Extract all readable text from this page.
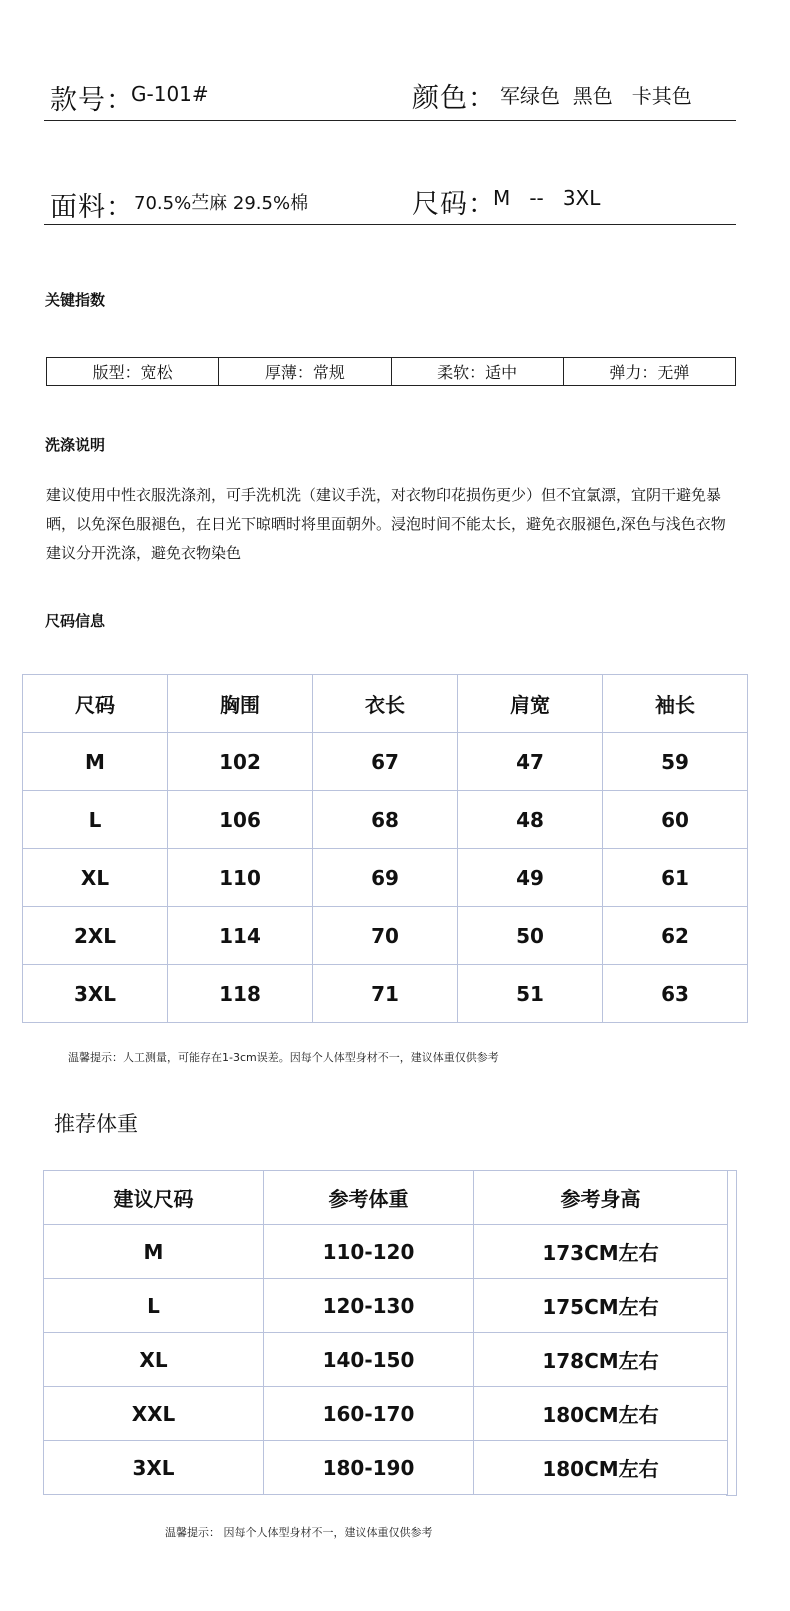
款号：
G-101#	颜色： 军绿色  黑色   卡其色
面料： 70.5%苎麻 29.5%棉	尺码：
M   --   3XL
关键指数
版型：宽松	厚薄：常规	柔软：适中	弹力：无弹
洗涤说明
建议使用中性衣服洗涤剂，可手洗机洗（建议手洗，对衣物印花损伤更少）但不宜氯漂，宜阴干避免暴晒，以免深色服褪色，在日光下晾晒时将里面朝外。浸泡时间不能太长，避免衣服褪色,深色与浅色衣物建议分开洗涤，避免衣物染色
尺码信息
尺码	胸围	衣长	肩宽	袖长
M	102	67	47	59
L	106	68	48	60
XL	110	69	49	61
2XL	114	70	50	62
3XL	118	71	51	63
温馨提示：人工测量，可能存在1-3cm误差。因每个人体型身材不一，建议体重仅供参考
推荐体重
建议尺码	参考体重	参考身高
M	110-120	173CM左右
L	120-130	175CM左右
XL	140-150	178CM左右
XXL	160-170	180CM左右
3XL	180-190	180CM左右
温馨提示： 因每个人体型身材不一，建议体重仅供参考
